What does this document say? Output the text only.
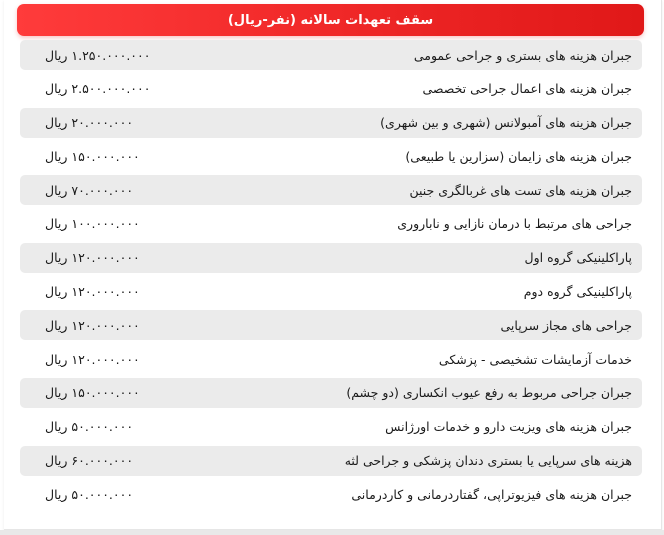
سقف تعهدات سالانه (نفر-ریال)
۱.۲۵۰.۰۰۰.۰۰۰ ریال	جبران هزینه های بستری و جراحی عمومی
۲.۵۰۰.۰۰۰.۰۰۰ ریال	جبران هزینه های اعمال جراحی تخصصی
۲۰.۰۰۰.۰۰۰ ریال	جبران هزینه های آمبولانس (شهری و بین شهری)
۱۵۰.۰۰۰.۰۰۰ ریال	جبران هزینه های زایمان (سزارین یا طبیعی)
۷۰.۰۰۰.۰۰۰ ریال	جبران هزینه های تست های غربالگری جنین
۱۰۰.۰۰۰.۰۰۰ ریال	جراحی های مرتبط با درمان نازایی و ناباروری
۱۲۰.۰۰۰.۰۰۰ ریال	پاراکلینیکی گروه اول
۱۲۰.۰۰۰.۰۰۰ ریال	پاراکلینیکی گروه دوم
۱۲۰.۰۰۰.۰۰۰ ریال	جراحی های مجاز سرپایی
۱۲۰.۰۰۰.۰۰۰ ریال	خدمات آزمایشات تشخیصی - پزشکی
۱۵۰.۰۰۰.۰۰۰ ریال	جبران جراحی مربوط به رفع عیوب انکساری (دو چشم)
۵۰.۰۰۰.۰۰۰ ریال	جبران هزینه های ویزیت دارو و خدمات اورژانس
۶۰.۰۰۰.۰۰۰ ریال	هزینه های سرپایی یا بستری دندان پزشکی و جراحی لثه
۵۰.۰۰۰.۰۰۰ ریال	جبران هزینه های فیزیوتراپی، گفتاردرمانی و کاردرمانی
